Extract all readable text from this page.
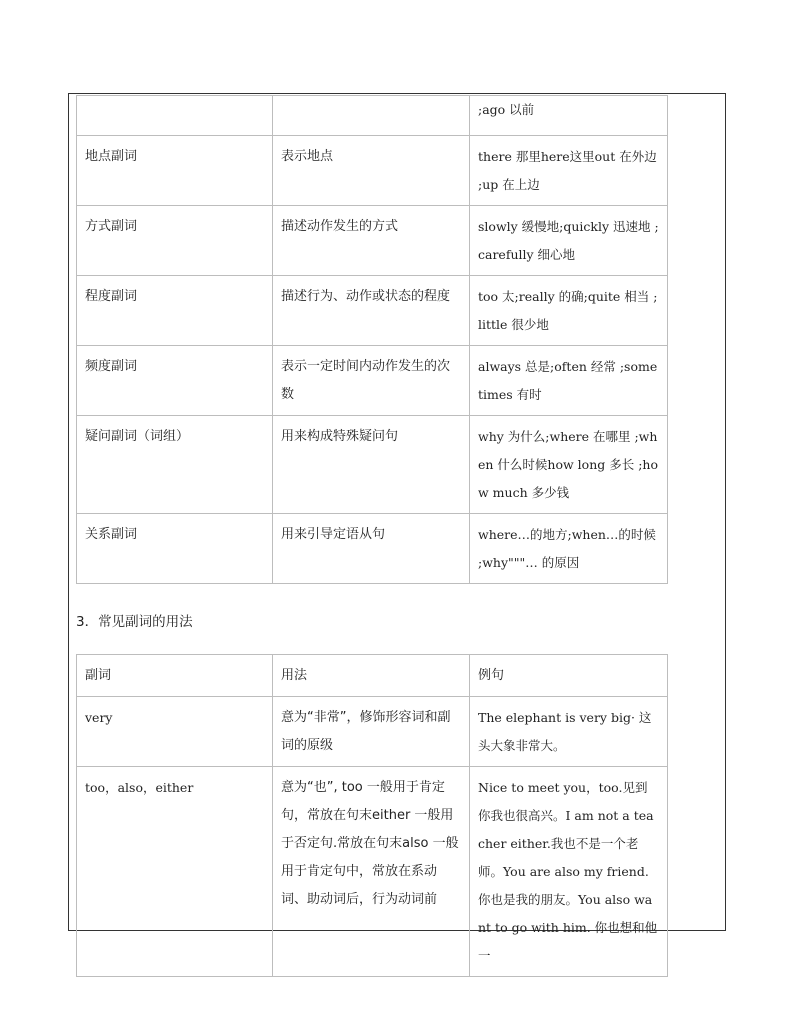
		;ago 以前
地点副词	表示地点	there 那里here这里out 在外边 ;up 在上边
方式副词	描述动作发生的方式	slowly 缓慢地;quickly 迅速地 ;carefully 细心地
程度副词	描述行为、动作或状态的程度	too 太;really 的确;quite 相当 ;little 很少地
频度副词	表示一定时间内动作发生的次数	always 总是;often 经常 ;sometimes 有时
疑问副词（词组）	用来构成特殊疑问句	why 为什么;where 在哪里 ;when 什么时候how long 多长 ;how much 多少钱
关系副词	用来引导定语从句	where…的地方;when…的时候 ;why"""… 的原因
3．常见副词的用法
副词	用法	例句
very	意为“非常”，修饰形容词和副词的原级	The elephant is very big· 这头大象非常大。
too，also，either	意为“也”, too 一般用于肯定句，常放在句末either 一般用于否定句.常放在句末also 一般用于肯定句中，常放在系动词、助动词后，行为动词前	Nice to meet you，too.见到你我也很高兴。I am not a teacher either.我也不是一个老师。You are also my friend.你也是我的朋友。You also want to go with him. 你也想和他一
